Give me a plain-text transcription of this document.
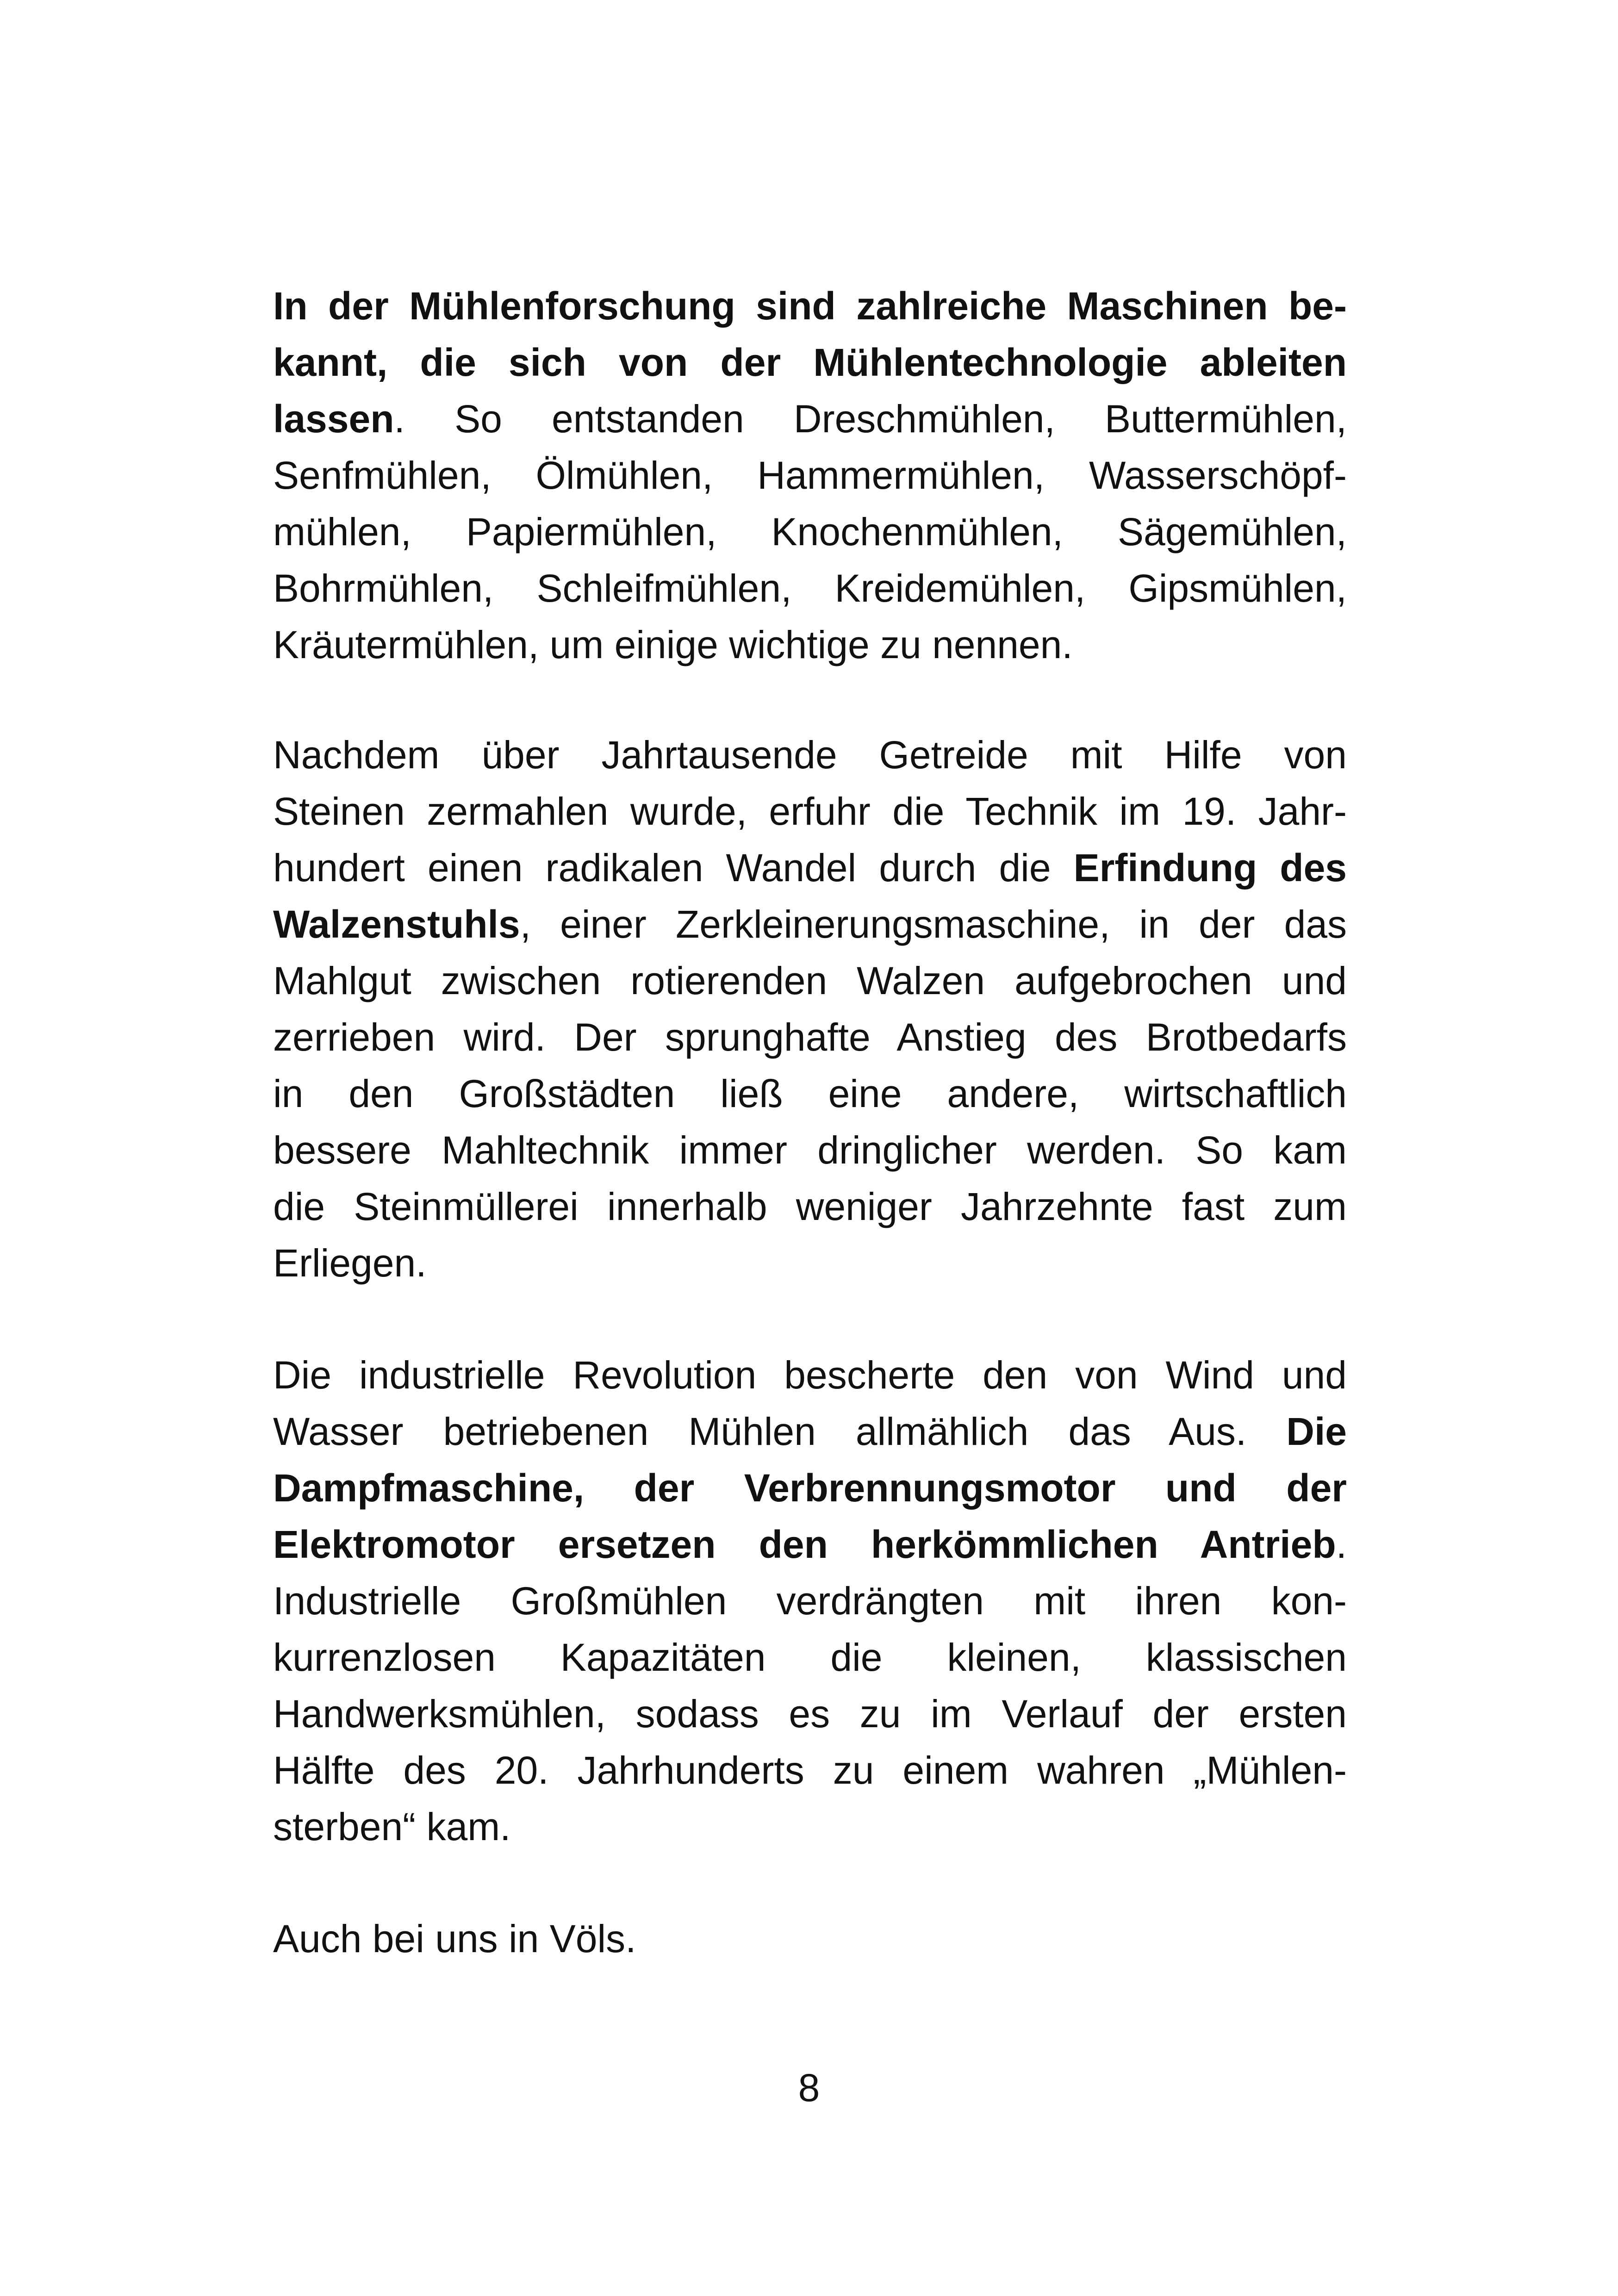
In der Mühlenforschung sind zahlreiche Maschinen be-
kannt, die sich von der Mühlentechnologie ableiten
lassen. So entstanden Dreschmühlen, Buttermühlen,
Senfmühlen, Ölmühlen, Hammermühlen, Wasserschöpf-
mühlen, Papiermühlen, Knochenmühlen, Sägemühlen,
Bohrmühlen, Schleifmühlen, Kreidemühlen, Gipsmühlen,
Kräutermühlen, um einige wichtige zu nennen.
Nachdem über Jahrtausende Getreide mit Hilfe von
Steinen zermahlen wurde, erfuhr die Technik im 19. Jahr-
hundert einen radikalen Wandel durch die Erfindung des
Walzenstuhls, einer Zerkleinerungsmaschine, in der das
Mahlgut zwischen rotierenden Walzen aufgebrochen und
zerrieben wird. Der sprunghafte Anstieg des Brotbedarfs
in den Großstädten ließ eine andere, wirtschaftlich
bessere Mahltechnik immer dringlicher werden. So kam
die Steinmüllerei innerhalb weniger Jahrzehnte fast zum
Erliegen.
Die industrielle Revolution bescherte den von Wind und
Wasser betriebenen Mühlen allmählich das Aus. Die
Dampfmaschine, der Verbrennungsmotor und der
Elektromotor ersetzen den herkömmlichen Antrieb.
Industrielle Großmühlen verdrängten mit ihren kon-
kurrenzlosen Kapazitäten die kleinen, klassischen
Handwerksmühlen, sodass es zu im Verlauf der ersten
Hälfte des 20. Jahrhunderts zu einem wahren „Mühlen-
sterben“ kam.
Auch bei uns in Völs.
8
